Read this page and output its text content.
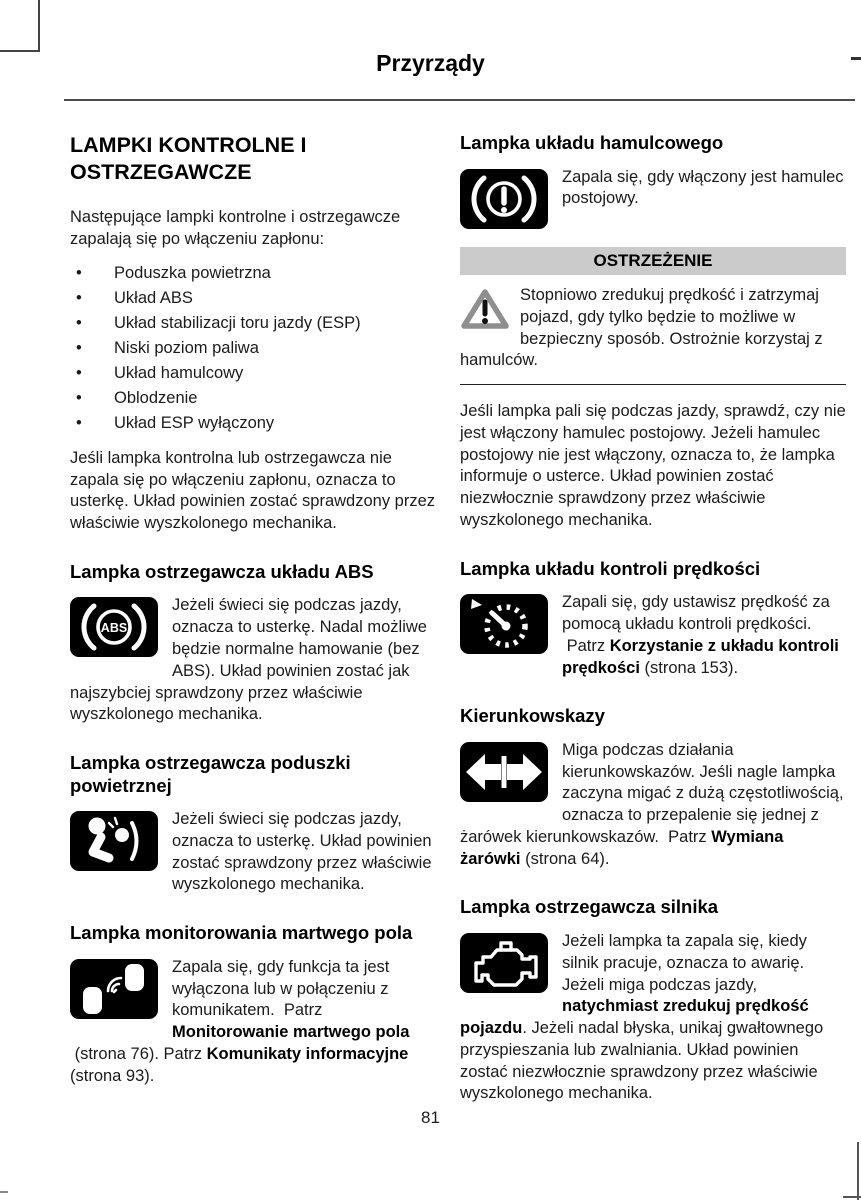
Przyrządy
LAMPKI KONTROLNE I OSTRZEGAWCZE

Następujące lampki kontrolne i ostrzegawcze zapalają się po włączeniu zapłonu:

• Poduszka powietrzna
• Układ ABS
• Układ stabilizacji toru jazdy (ESP)
• Niski poziom paliwa
• Układ hamulcowy
• Oblodzenie
• Układ ESP wyłączony

Jeśli lampka kontrolna lub ostrzegawcza nie zapala się po włączeniu zapłonu, oznacza to usterkę. Układ powinien zostać sprawdzony przez właściwie wyszkolonego mechanika.

Lampka ostrzegawcza układu ABS
ABS

Jeżeli świeci się podczas jazdy, oznacza to usterkę. Nadal możliwe będzie normalne hamowanie (bez ABS). Układ powinien zostać jak najszybciej sprawdzony przez właściwie wyszkolonego mechanika.

Lampka ostrzegawcza poduszki powietrznej

Jeżeli świeci się podczas jazdy, oznacza to usterkę. Układ powinien zostać sprawdzony przez właściwie wyszkolonego mechanika.

Lampka monitorowania martwego pola

Zapala się, gdy funkcja ta jest wyłączona lub w połączeniu z komunikatem.  Patrz Monitorowanie martwego pola  (strona 76). Patrz Komunikaty informacyjne (strona 93).

Lampka układu hamulcowego

Zapala się, gdy włączony jest hamulec postojowy.

OSTRZEŻENIE

Stopniowo zredukuj prędkość i zatrzymaj pojazd, gdy tylko będzie to możliwe w bezpieczny sposób. Ostrożnie korzystaj z hamulców.

Jeśli lampka pali się podczas jazdy, sprawdź, czy nie jest włączony hamulec postojowy. Jeżeli hamulec postojowy nie jest włączony, oznacza to, że lampka informuje o usterce. Układ powinien zostać niezwłocznie sprawdzony przez właściwie wyszkolonego mechanika.

Lampka układu kontroli prędkości

Zapali się, gdy ustawisz prędkość za pomocą układu kontroli prędkości.  Patrz Korzystanie z układu kontroli prędkości (strona 153).

Kierunkowskazy

Miga podczas działania kierunkowskazów. Jeśli nagle lampka zaczyna migać z dużą częstotliwością, oznacza to przepalenie się jednej z żarówek kierunkowskazów.  Patrz Wymiana żarówki (strona 64).

Lampka ostrzegawcza silnika

Jeżeli lampka ta zapala się, kiedy silnik pracuje, oznacza to awarię. Jeżeli miga podczas jazdy, natychmiast zredukuj prędkość pojazdu. Jeżeli nadal błyska, unikaj gwałtownego przyspieszania lub zwalniania. Układ powinien zostać niezwłocznie sprawdzony przez właściwie wyszkolonego mechanika.

81
